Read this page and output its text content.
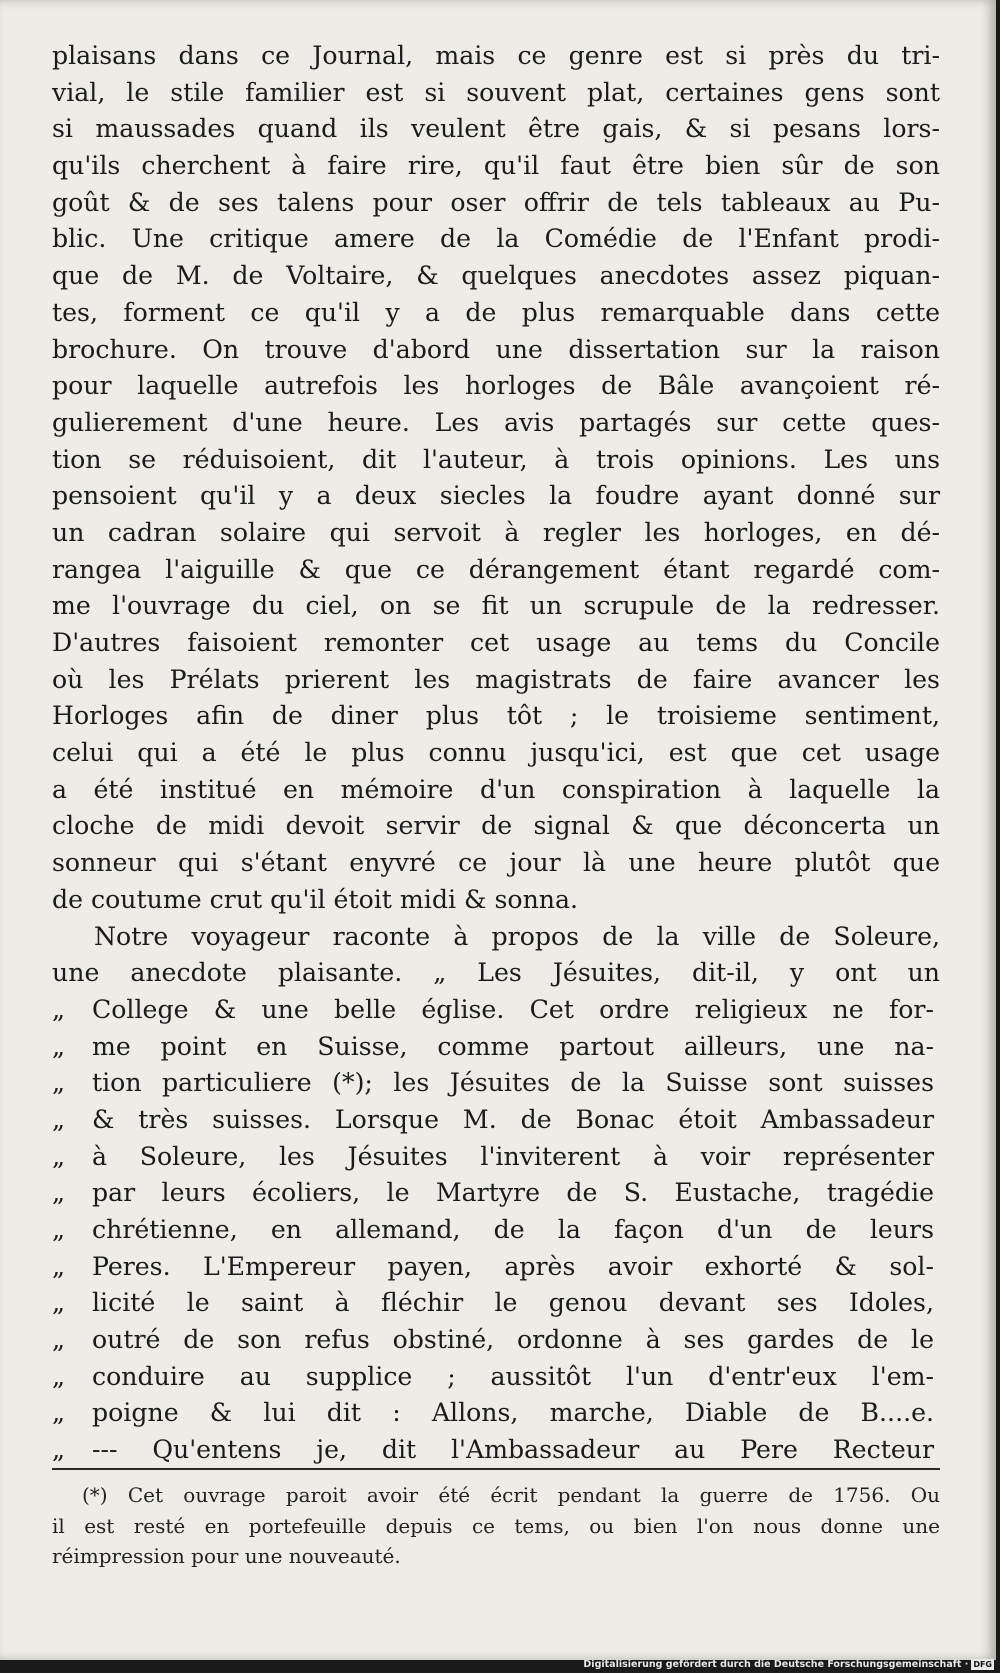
plaisans dans ce Journal, mais ce genre est si près du tri-
vial, le stile familier est si souvent plat, certaines gens sont
si maussades quand ils veulent être gais, & si pesans lors-
qu'ils cherchent à faire rire, qu'il faut être bien sûr de son
goût & de ses talens pour oser offrir de tels tableaux au Pu-
blic. Une critique amere de la Comédie de l'Enfant prodi-
que de M. de Voltaire, & quelques anecdotes assez piquan-
tes, forment ce qu'il y a de plus remarquable dans cette
brochure. On trouve d'abord une dissertation sur la raison
pour laquelle autrefois les horloges de Bâle avançoient ré-
gulierement d'une heure. Les avis partagés sur cette ques-
tion se réduisoient, dit l'auteur, à trois opinions. Les uns
pensoient qu'il y a deux siecles la foudre ayant donné sur
un cadran solaire qui servoit à regler les horloges, en dé-
rangea l'aiguille & que ce dérangement étant regardé com-
me l'ouvrage du ciel, on se fit un scrupule de la redresser.
D'autres faisoient remonter cet usage au tems du Concile
où les Prélats prierent les magistrats de faire avancer les
Horloges afin de diner plus tôt ; le troisieme sentiment,
celui qui a été le plus connu jusqu'ici, est que cet usage
a été institué en mémoire d'un conspiration à laquelle la
cloche de midi devoit servir de signal & que déconcerta un
sonneur qui s'étant enyvré ce jour là une heure plutôt que
de coutume crut qu'il étoit midi & sonna.
Notre voyageur raconte à propos de la ville de Soleure,
une anecdote plaisante. „ Les Jésuites, dit-il, y ont un
„ College & une belle église. Cet ordre religieux ne for-
„ me point en Suisse, comme partout ailleurs, une na-
„ tion particuliere (*); les Jésuites de la Suisse sont suisses
„ & très suisses. Lorsque M. de Bonac étoit Ambassadeur
„ à Soleure, les Jésuites l'inviterent à voir représenter
„ par leurs écoliers, le Martyre de S. Eustache, tragédie
„ chrétienne, en allemand, de la façon d'un de leurs
„ Peres. L'Empereur payen, après avoir exhorté & sol-
„ licité le saint à fléchir le genou devant ses Idoles,
„ outré de son refus obstiné, ordonne à ses gardes de le
„ conduire au supplice ; aussitôt l'un d'entr'eux l'em-
„ poigne & lui dit : Allons, marche, Diable de B....e.
„ --- Qu'entens je, dit l'Ambassadeur au Pere Recteur
(*) Cet ouvrage paroit avoir été écrit pendant la guerre de 1756. Ou
il est resté en portefeuille depuis ce tems, ou bien l'on nous donne une
réimpression pour une nouveauté.
Digitalisierung gefördert durch die Deutsche Forschungsgemeinschaft · DFG
